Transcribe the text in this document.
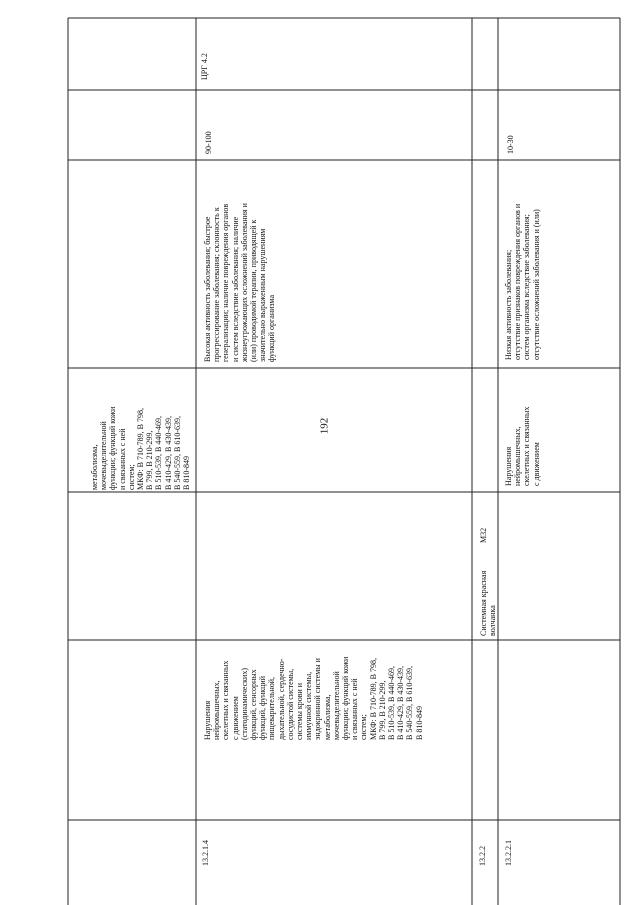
192
метаболизма,
мочевыделительной
функции; функций кожи
и связанных с ней
систем;
МКФ: В 710-789, В 798,
В 799, В 210-299,
В 510-539, В 440-469,
В 410-429, В 430-439,
В 540-559, В 610-639,
В 810-849
ЦРГ 4.2
13.2.1.4
Нарушения
нейромышечных,
скелетных и связанных
с движением
(статодинамических)
функций, сенсорных
функций, функций
пищеварительной,
дыхательной, сердечно-
сосудистой системы,
системы крови и
иммунной системы,
эндокринной системы и
метаболизма,
мочевыделительной
функции; функций кожи
и связанных с ней
систем;
МКФ: В 710-789, В 798,
В 799, В 210-299,
В 510-539, В 440-469,
В 410-429, В 430-439,
В 540-559, В 610-639,
В 810-849
Высокая активность заболевания; быстрое
прогрессирование заболевания; склонность к
генерализации; наличие повреждения органов
и систем вследствие заболевания; наличие
жизнеугрожающих осложнений заболевания и
(или) проводимой терапии, приводящей к
значительно выраженным нарушениям
функций организма
90-100
13.2.2
Системная красная
волчанка
М32
13.2.2.1
Нарушения
нейромышечных,
скелетных и связанных
с движением
Низкая активность заболевания;
отсутствие признаков повреждения органов и
систем организма вследствие заболевания;
отсутствие осложнений заболевания и (или)
10-30
